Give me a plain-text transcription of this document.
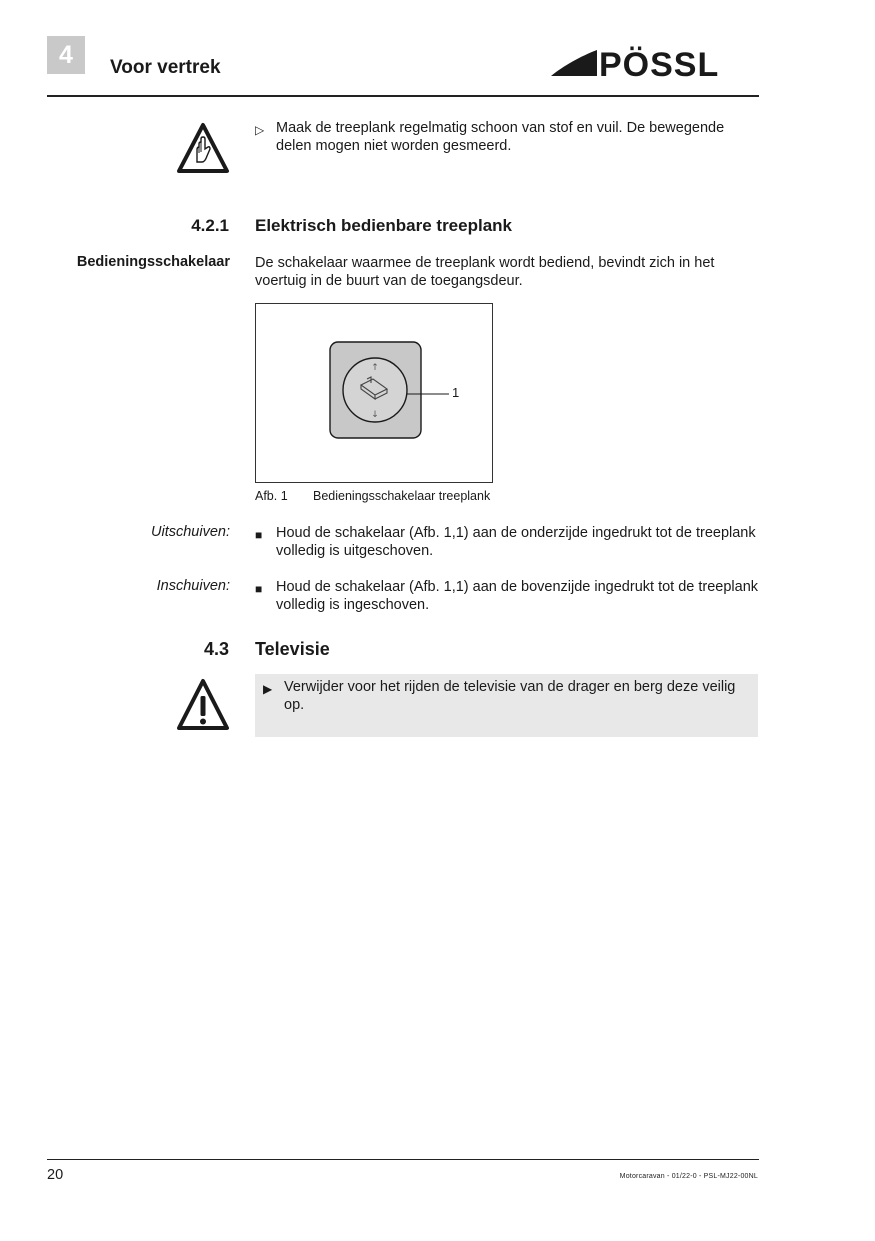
4 Voor vertrek	PÖSSL
▷ Maak de treeplank regelmatig schoon van stof en vuil. De bewegende delen mogen niet worden gesmeerd.
4.2.1 Elektrisch bedienbare treeplank
Bedieningsschakelaar De schakelaar waarmee de treeplank wordt bediend, bevindt zich in het voertuig in de buurt van de toegangsdeur.
↑
↓
1
Afb. 1 Bedieningsschakelaar treeplank
Uitschuiven: ■ Houd de schakelaar (Afb. 1,1) aan de onderzijde ingedrukt tot de treeplank volledig is uitgeschoven.
Inschuiven: ■ Houd de schakelaar (Afb. 1,1) aan de bovenzijde ingedrukt tot de treeplank volledig is ingeschoven.
4.3 Televisie
▶ Verwijder voor het rijden de televisie van de drager en berg deze veilig op.
20	Motorcaravan - 01/22-0 - PSL-MJ22-00NL
